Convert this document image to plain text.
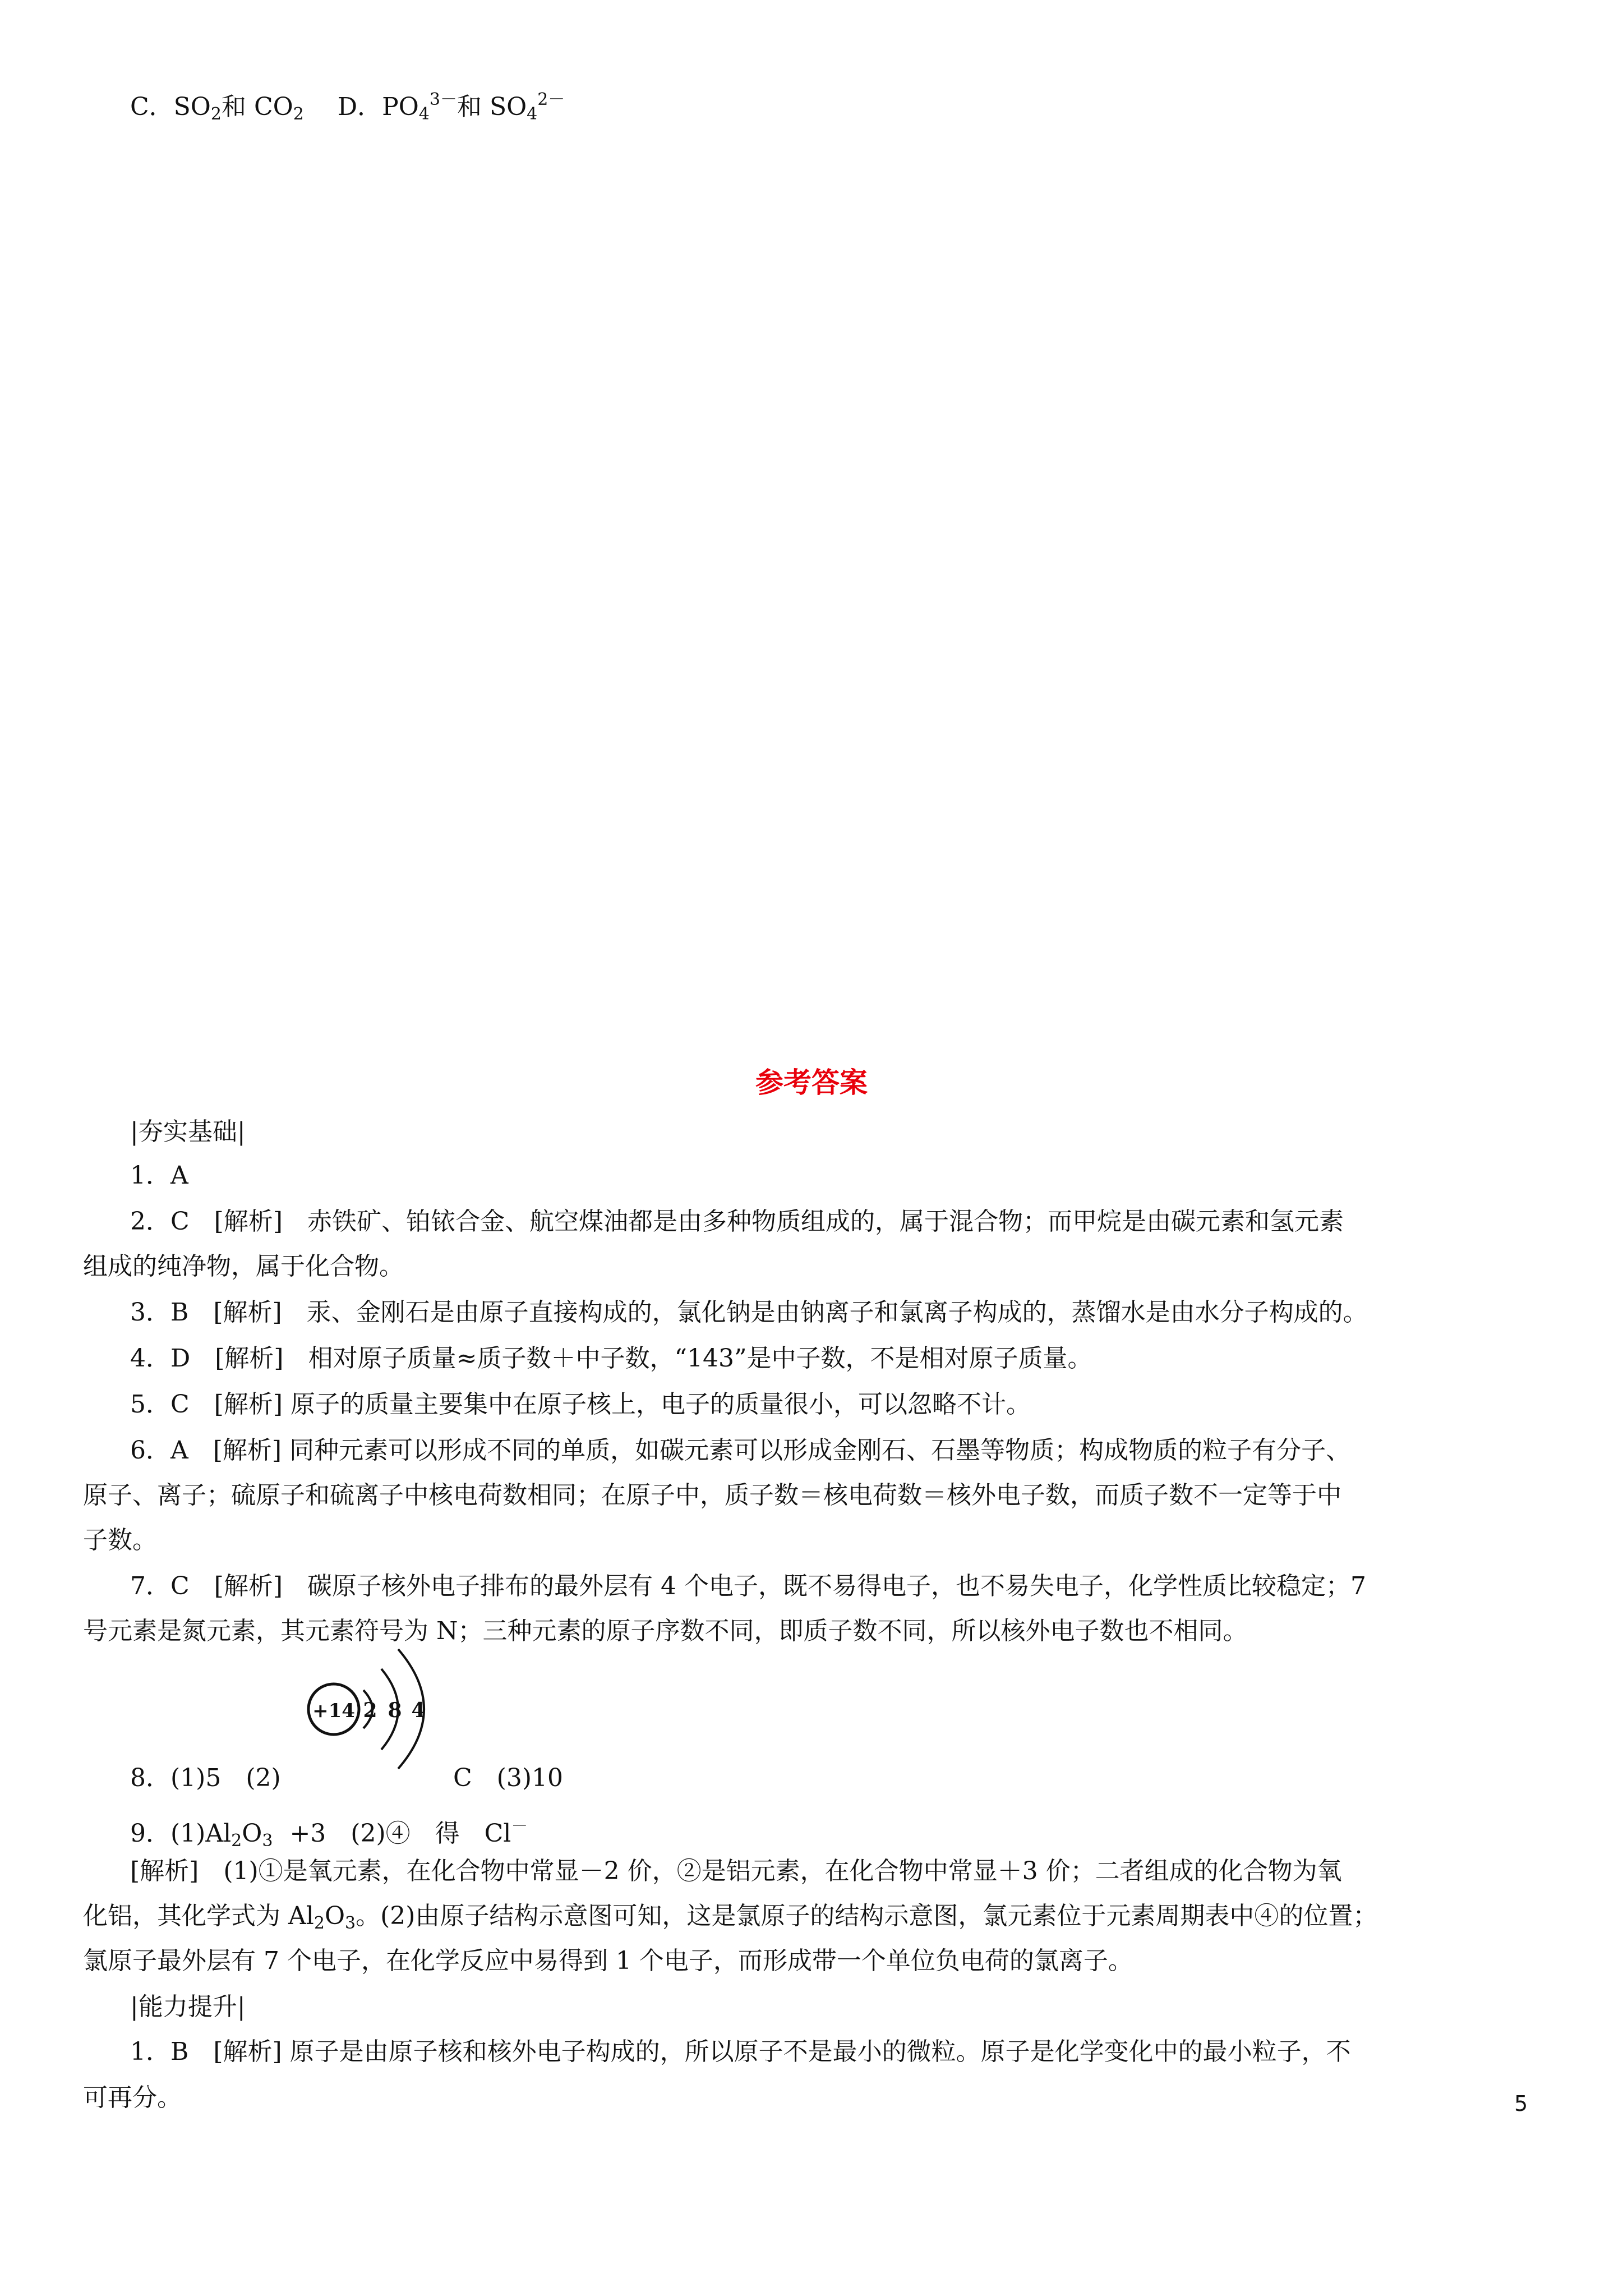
C．$SO_2$和 $CO_2$ D．$PO_4^{3-}$和 $SO_4^{2-}$
参考答案
|夯实基础|
1．A
2．C　[解析]　赤铁矿、铂铱合金、航空煤油都是由多种物质组成的，属于混合物；而甲烷是由碳元素和氢元素
组成的纯净物，属于化合物。
3．B　[解析]　汞、金刚石是由原子直接构成的，氯化钠是由钠离子和氯离子构成的，蒸馏水是由水分子构成的。
4．D　[解析]　相对原子质量≈质子数＋中子数，“143”是中子数，不是相对原子质量。
5．C　[解析] 原子的质量主要集中在原子核上，电子的质量很小，可以忽略不计。
6．A　[解析] 同种元素可以形成不同的单质，如碳元素可以形成金刚石、石墨等物质；构成物质的粒子有分子、
原子、离子；硫原子和硫离子中核电荷数相同；在原子中，质子数＝核电荷数＝核外电子数，而质子数不一定等于中
子数。
7．C　[解析]　碳原子核外电子排布的最外层有 4 个电子，既不易得电子，也不易失电子，化学性质比较稳定；7
号元素是氮元素，其元素符号为 N；三种元素的原子序数不同，即质子数不同，所以核外电子数也不相同。
+14 2 8 4
8．(1)5　(2)	C　(3)10
9．$(1)Al_2O_3 +3$　(2)④　得　Cl－
[解析]　(1)①是氧元素，在化合物中常显－2 价，②是铝元素，在化合物中常显＋3 价；二者组成的化合物为氧
化铝，其化学式为 $Al_2O_3$。(2)由原子结构示意图可知，这是氯原子的结构示意图，氯元素位于元素周期表中④的位置；
氯原子最外层有 7 个电子，在化学反应中易得到 1 个电子，而形成带一个单位负电荷的氯离子。
|能力提升|
1．B　[解析] 原子是由原子核和核外电子构成的，所以原子不是最小的微粒。原子是化学变化中的最小粒子，不
可再分。	5
